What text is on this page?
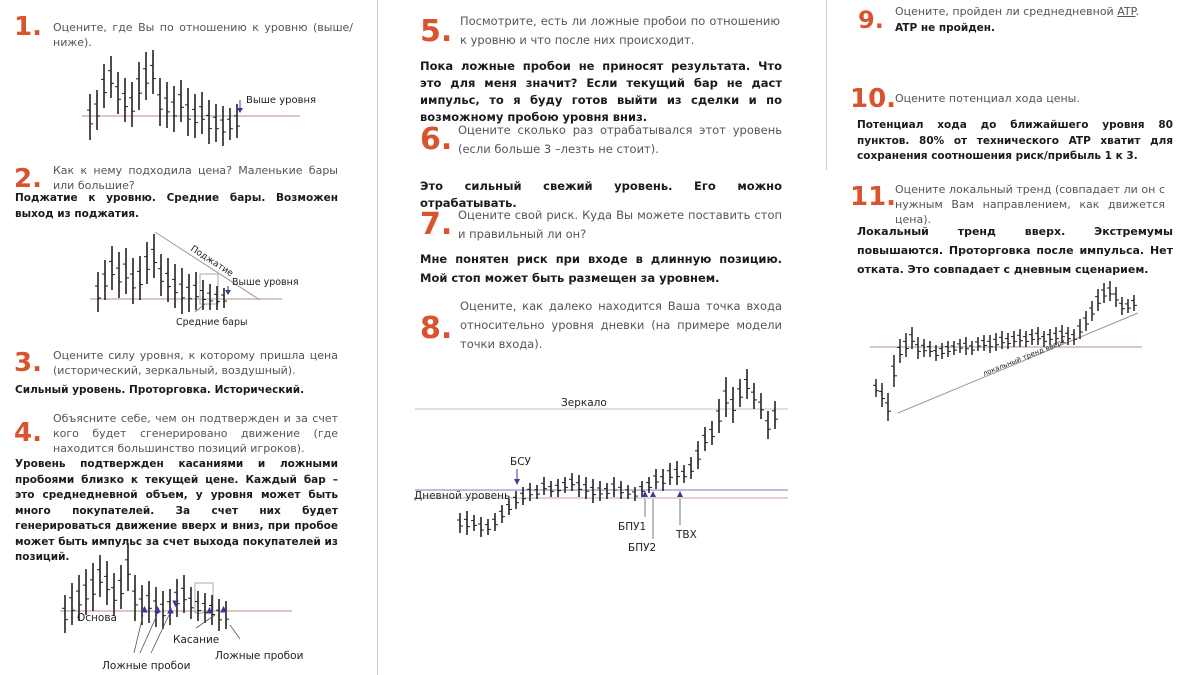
1. Оцените, где Вы по отношению к уровню (выше/ниже).
Выше уровня
2. Как к нему подходила цена? Маленькие бары или большие?
Поджатие к уровню. Средние бары. Возможен выход из поджатия.
Поджатие
Выше уровня
Средние бары
3. Оцените силу уровня, к которому пришла цена (исторический, зеркальный, воздушный).
Сильный уровень. Проторговка. Исторический.
4. Объясните себе, чем он подтвержден и за счет кого будет сгенерировано движение (где находится большинство позиций игроков).
Уровень подтвержден касаниями и ложными пробоями близко к текущей цене. Каждый бар – это среднедневной объем, у уровня может быть много покупателей. За счет них будет генерироваться движение вверх и вниз, при пробое может быть импульс за счет выхода покупателей из позиций.
Основа
Касание
Ложные пробои
Ложные пробои
5. Посмотрите, есть ли ложные пробои по отношению к уровню и что после них происходит.
Пока ложные пробои не приносят результата. Что это для меня значит? Если текущий бар не даст импульс, то я буду готов выйти из сделки и по возможному пробою уровня вниз.
6. Оцените сколько раз отрабатывался этот уровень (если больше 3 –лезть не стоит).
Это сильный свежий уровень. Его можно отрабатывать.
7. Оцените свой риск. Куда Вы можете поставить стоп и правильный ли он?
Мне понятен риск при входе в длинную позицию. Мой стоп может быть размещен за уровнем.
8.
Оцените, как далеко находится Ваша точка входа относительно уровня дневки (на примере модели точки входа).
Зеркало
БСУ
Дневной уровень
БПУ1
БПУ2
ТВХ
9. Оцените, пройден ли среднедневной ATP.
ATP не пройден.
10.
Оцените потенциал хода цены.
Потенциал хода до ближайшего уровня 80 пунктов. 80% от технического ATP хватит для сохранения соотношения риск/прибыль 1 к 3.
11.
Оцените локальный тренд (совпадает ли он с нужным Вам направлением, как движется цена).
Локальный тренд вверх. Экстремумы повышаются. Проторговка после импульса. Нет отката. Это совпадает с дневным сценарием.
локальный тренд вверх
